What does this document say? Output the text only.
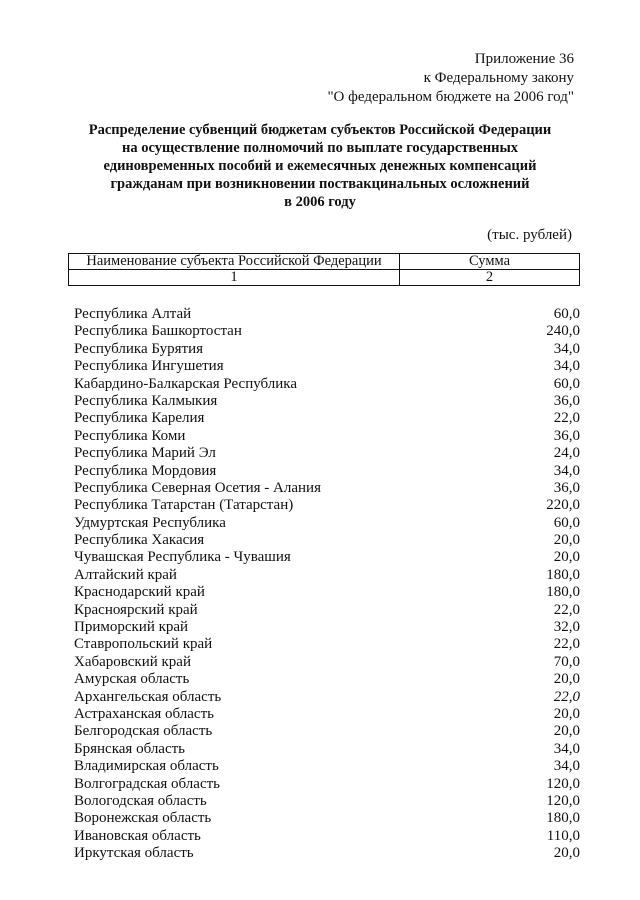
Приложение 36
к Федеральному закону
"О федеральном бюджете на 2006 год"
Распределение субвенций бюджетам субъектов Российской Федерации
на осуществление полномочий по выплате государственных
единовременных пособий и ежемесячных денежных компенсаций
гражданам при возникновении поствакцинальных осложнений
в 2006 году
(тыс. рублей)
Наименование субъекта Российской Федерации	Сумма
1	2
Республика Алтай	60,0
Республика Башкортостан	240,0
Республика Бурятия	34,0
Республика Ингушетия	34,0
Кабардино-Балкарская Республика	60,0
Республика Калмыкия	36,0
Республика Карелия	22,0
Республика Коми	36,0
Республика Марий Эл	24,0
Республика Мордовия	34,0
Республика Северная Осетия - Алания	36,0
Республика Татарстан (Татарстан)	220,0
Удмуртская Республика	60,0
Республика Хакасия	20,0
Чувашская Республика - Чувашия	20,0
Алтайский край	180,0
Краснодарский край	180,0
Красноярский край	22,0
Приморский край	32,0
Ставропольский край	22,0
Хабаровский край	70,0
Амурская область	20,0
Архангельская область	22,0
Астраханская область	20,0
Белгородская область	20,0
Брянская область	34,0
Владимирская область	34,0
Волгоградская область	120,0
Вологодская область	120,0
Воронежская область	180,0
Ивановская область	110,0
Иркутская область	20,0
